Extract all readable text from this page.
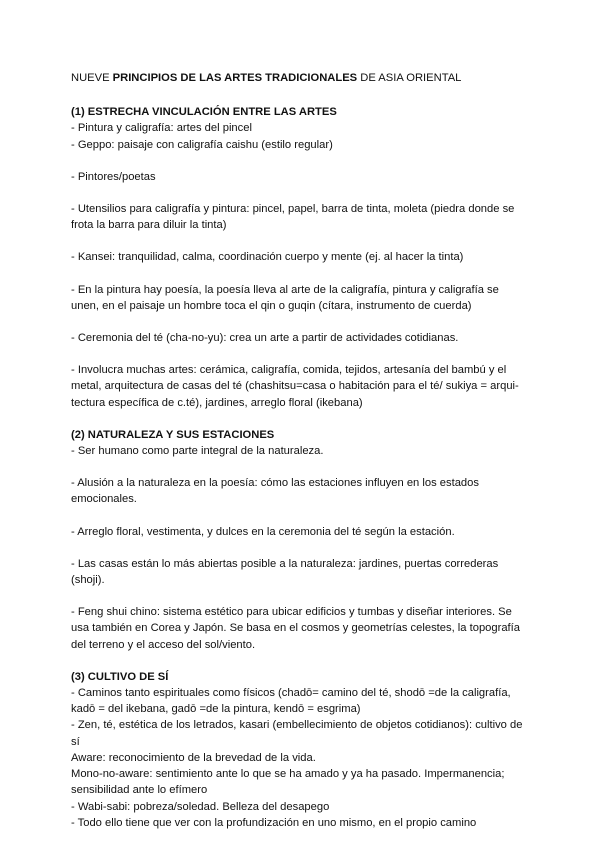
NUEVE PRINCIPIOS DE LAS ARTES TRADICIONALES DE ASIA ORIENTAL

(1) ESTRECHA VINCULACIÓN ENTRE LAS ARTES

- Pintura y caligrafía: artes del pincel

- Geppo: paisaje con caligrafía caishu (estilo regular)

- Pintores/poetas

- Utensilios para caligrafía y pintura: pincel, papel, barra de tinta, moleta (piedra donde se

frota la barra para diluir la tinta)

- Kansei: tranquilidad, calma, coordinación cuerpo y mente (ej. al hacer la tinta)

- En la pintura hay poesía, la poesía lleva al arte de la caligrafía, pintura y caligrafía se

unen, en el paisaje un hombre toca el qin o guqin (cítara, instrumento de cuerda)

- Ceremonia del té (cha-no-yu): crea un arte a partir de actividades cotidianas.

- Involucra muchas artes: cerámica, caligrafía, comida, tejidos, artesanía del bambú y el

metal, arquitectura de casas del té (chashitsu=casa o habitación para el té/ sukiya = arqui-

tectura específica de c.té), jardines, arreglo floral (ikebana)

(2) NATURALEZA Y SUS ESTACIONES

- Ser humano como parte integral de la naturaleza.

- Alusión a la naturaleza en la poesía: cómo las estaciones influyen en los estados

emocionales.

- Arreglo floral, vestimenta, y dulces en la ceremonia del té según la estación.

- Las casas están lo más abiertas posible a la naturaleza: jardines, puertas correderas

(shoji).

- Feng shui chino: sistema estético para ubicar edificios y tumbas y diseñar interiores. Se

usa también en Corea y Japón. Se basa en el cosmos y geometrías celestes, la topografía

del terreno y el acceso del sol/viento.

(3) CULTIVO DE SÍ

- Caminos tanto espirituales como físicos (chadō= camino del té, shodō =de la caligrafía,

kadō = del ikebana, gadō =de la pintura, kendō = esgrima)

- Zen, té, estética de los letrados, kasari (embellecimiento de objetos cotidianos): cultivo de

sí

Aware: reconocimiento de la brevedad de la vida.

Mono-no-aware: sentimiento ante lo que se ha amado y ya ha pasado. Impermanencia;

sensibilidad ante lo efímero

- Wabi-sabi: pobreza/soledad. Belleza del desapego

- Todo ello tiene que ver con la profundización en uno mismo, en el propio camino
